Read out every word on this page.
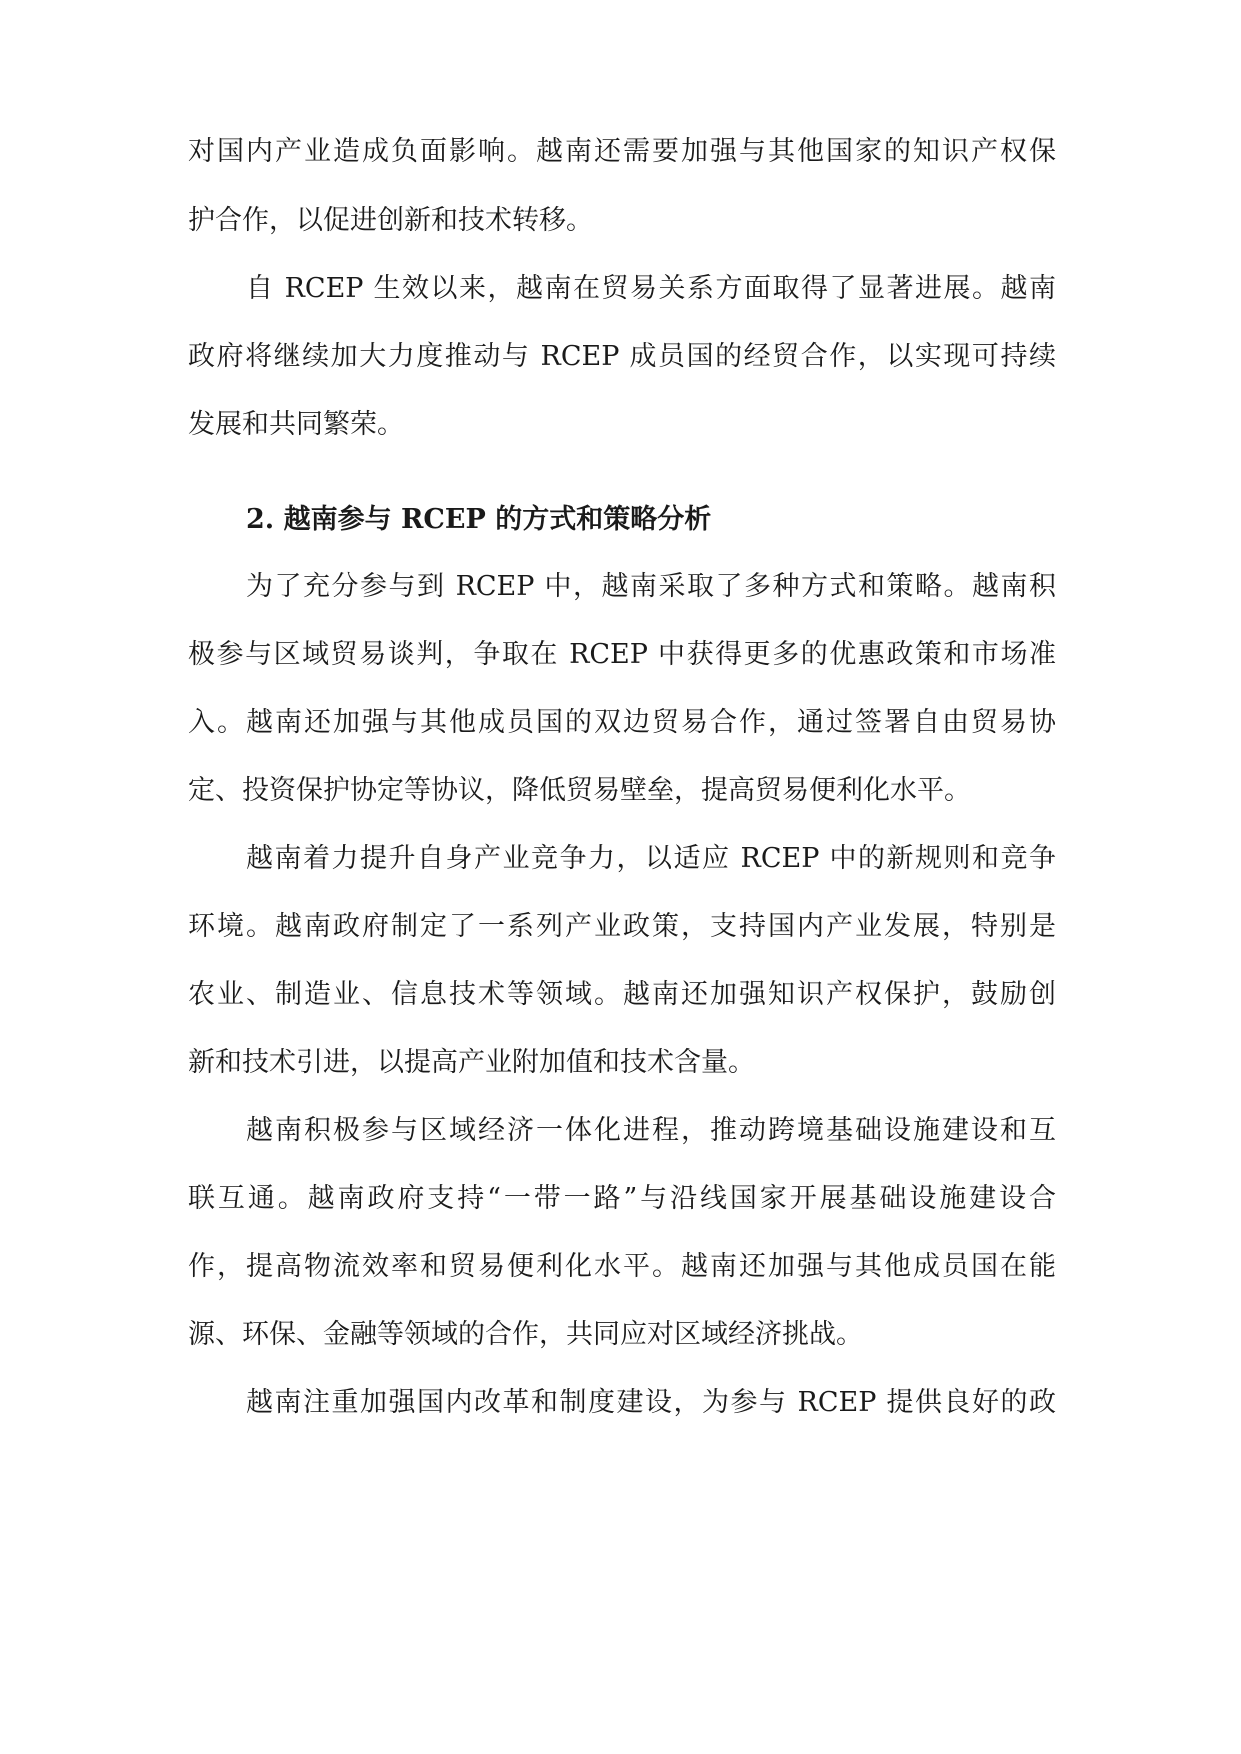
对国内产业造成负面影响。越南还需要加强与其他国家的知识产权保
护合作，以促进创新和技术转移。
自 RCEP 生效以来，越南在贸易关系方面取得了显著进展。越南
政府将继续加大力度推动与 RCEP 成员国的经贸合作，以实现可持续
发展和共同繁荣。
2. 越南参与 RCEP 的方式和策略分析
为了充分参与到 RCEP 中，越南采取了多种方式和策略。越南积
极参与区域贸易谈判，争取在 RCEP 中获得更多的优惠政策和市场准
入。越南还加强与其他成员国的双边贸易合作，通过签署自由贸易协
定、投资保护协定等协议，降低贸易壁垒，提高贸易便利化水平。
越南着力提升自身产业竞争力，以适应 RCEP 中的新规则和竞争
环境。越南政府制定了一系列产业政策，支持国内产业发展，特别是
农业、制造业、信息技术等领域。越南还加强知识产权保护，鼓励创
新和技术引进，以提高产业附加值和技术含量。
越南积极参与区域经济一体化进程，推动跨境基础设施建设和互
联互通。越南政府支持“一带一路”与沿线国家开展基础设施建设合
作，提高物流效率和贸易便利化水平。越南还加强与其他成员国在能
源、环保、金融等领域的合作，共同应对区域经济挑战。
越南注重加强国内改革和制度建设，为参与 RCEP 提供良好的政
